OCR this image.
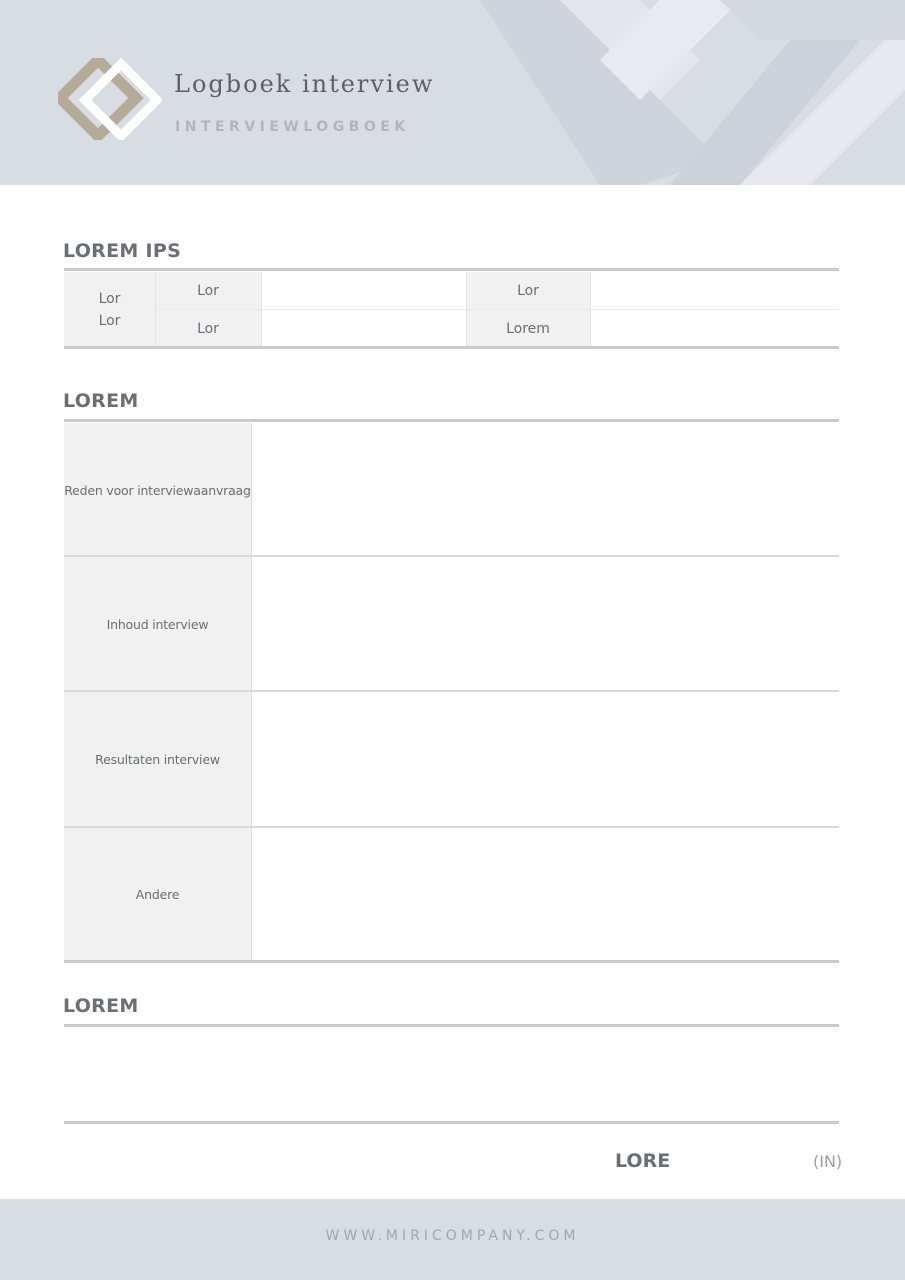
Logboek interview
INTERVIEWLOGBOEK
LOREM IPS
Lor
Lor
Lor
Lor
Lor
Lorem
LOREM
Reden voor interviewaanvraag
Inhoud interview
Resultaten interview
Andere
LOREM
LORE	(IN)
WWW.MIRICOMPANY.COM
